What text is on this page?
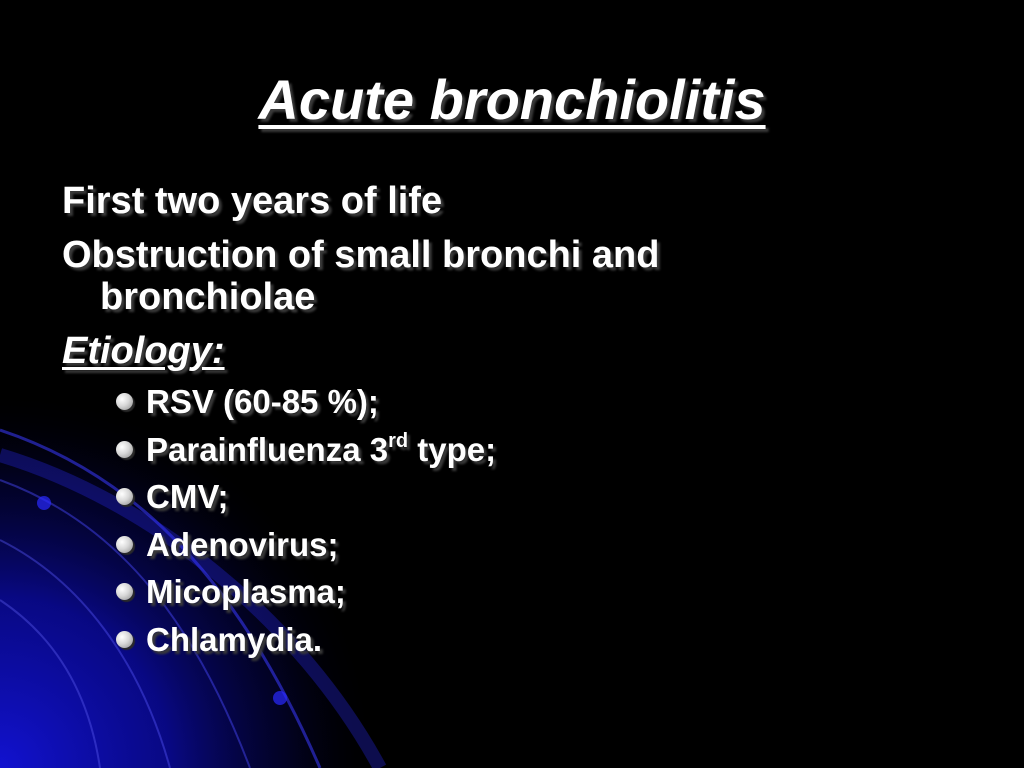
Acute bronchiolitis
First two years of life
Obstruction of small bronchi and bronchiolae
Etiology:
RSV (60-85 %);
Parainfluenza 3rd type;
CMV;
Adenovirus;
Micoplasma;
Chlamydia.
